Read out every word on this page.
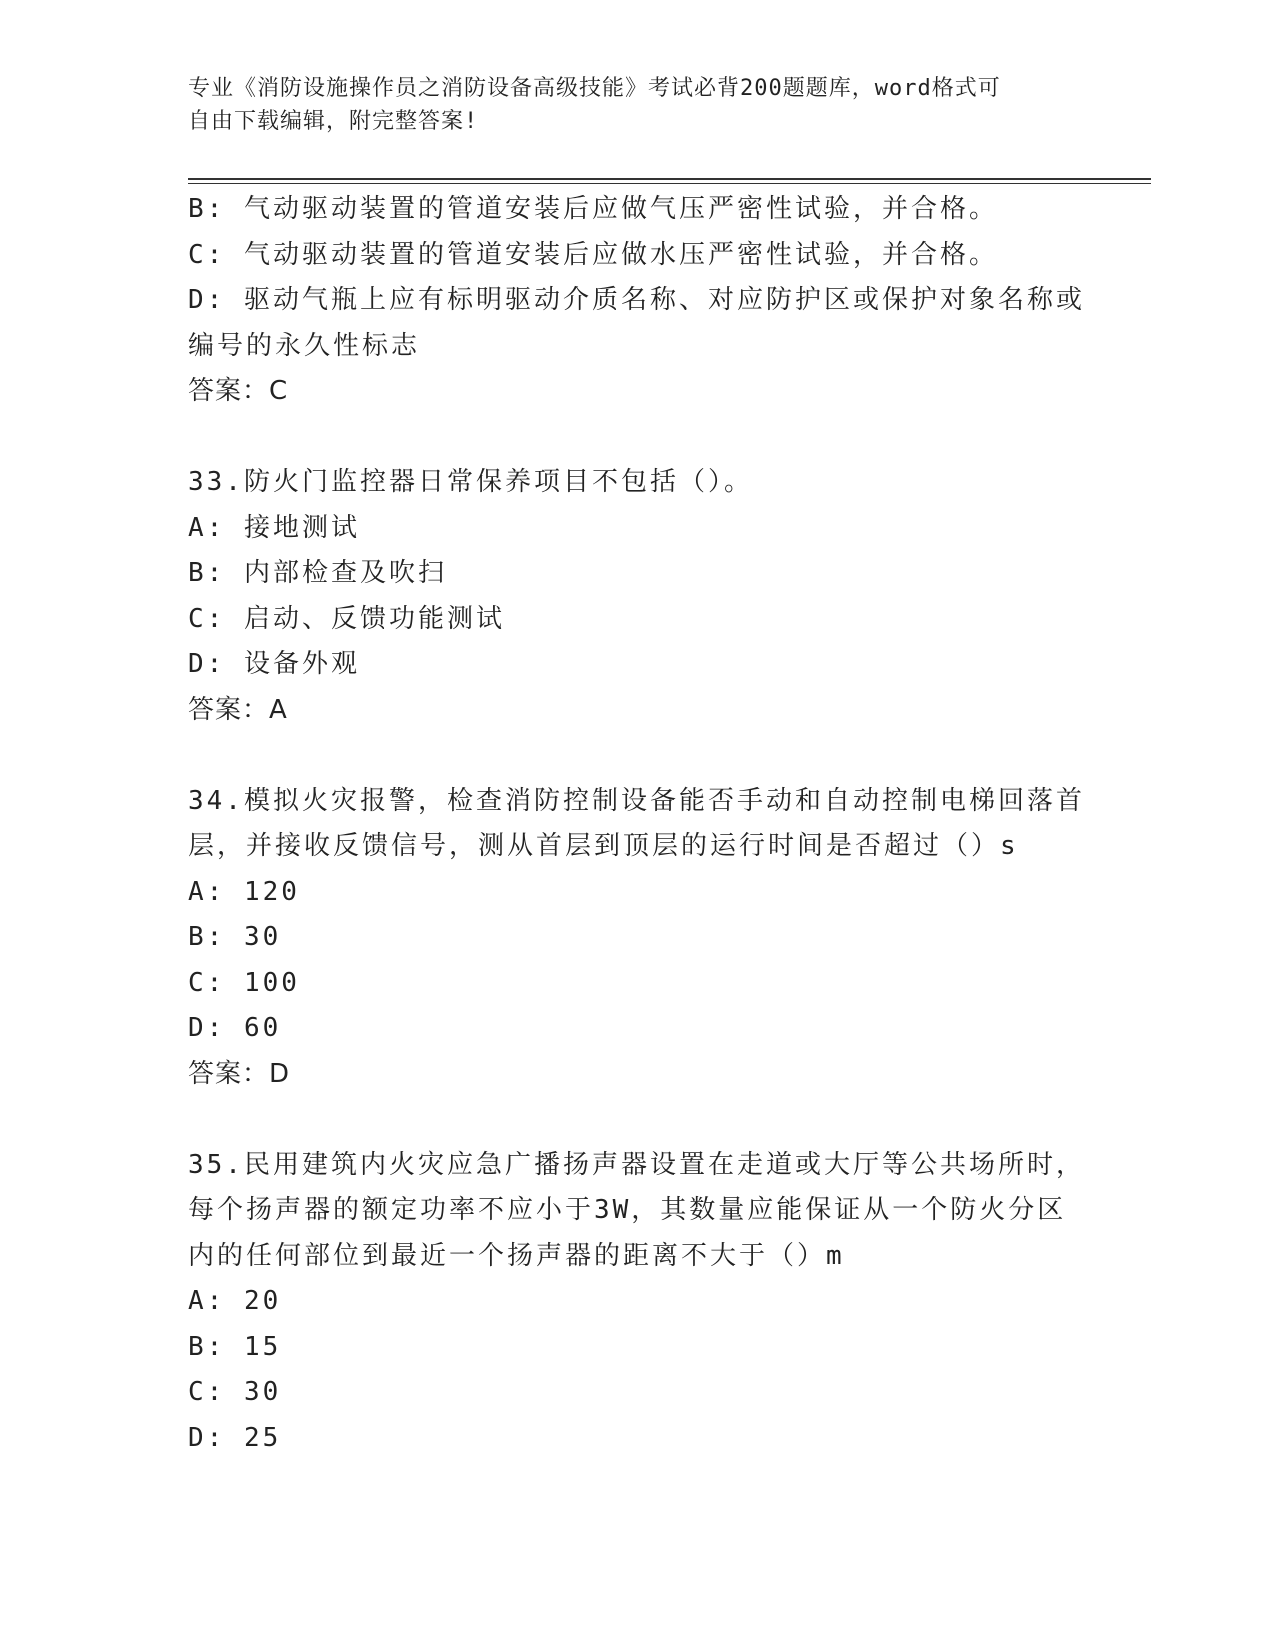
专业《消防设施操作员之消防设备高级技能》考试必背200题题库，word格式可
自由下载编辑，附完整答案!
B: 气动驱动装置的管道安装后应做气压严密性试验，并合格。
C: 气动驱动装置的管道安装后应做水压严密性试验，并合格。
D: 驱动气瓶上应有标明驱动介质名称、对应防护区或保护对象名称或
编号的永久性标志
答案：C
33.防火门监控器日常保养项目不包括（）。
A: 接地测试
B: 内部检查及吹扫
C: 启动、反馈功能测试
D: 设备外观
答案：A
34.模拟火灾报警，检查消防控制设备能否手动和自动控制电梯回落首
层，并接收反馈信号，测从首层到顶层的运行时间是否超过（）s
A: 120
B: 30
C: 100
D: 60
答案：D
35.民用建筑内火灾应急广播扬声器设置在走道或大厅等公共场所时，
每个扬声器的额定功率不应小于3W，其数量应能保证从一个防火分区
内的任何部位到最近一个扬声器的距离不大于（）m
A: 20
B: 15
C: 30
D: 25
